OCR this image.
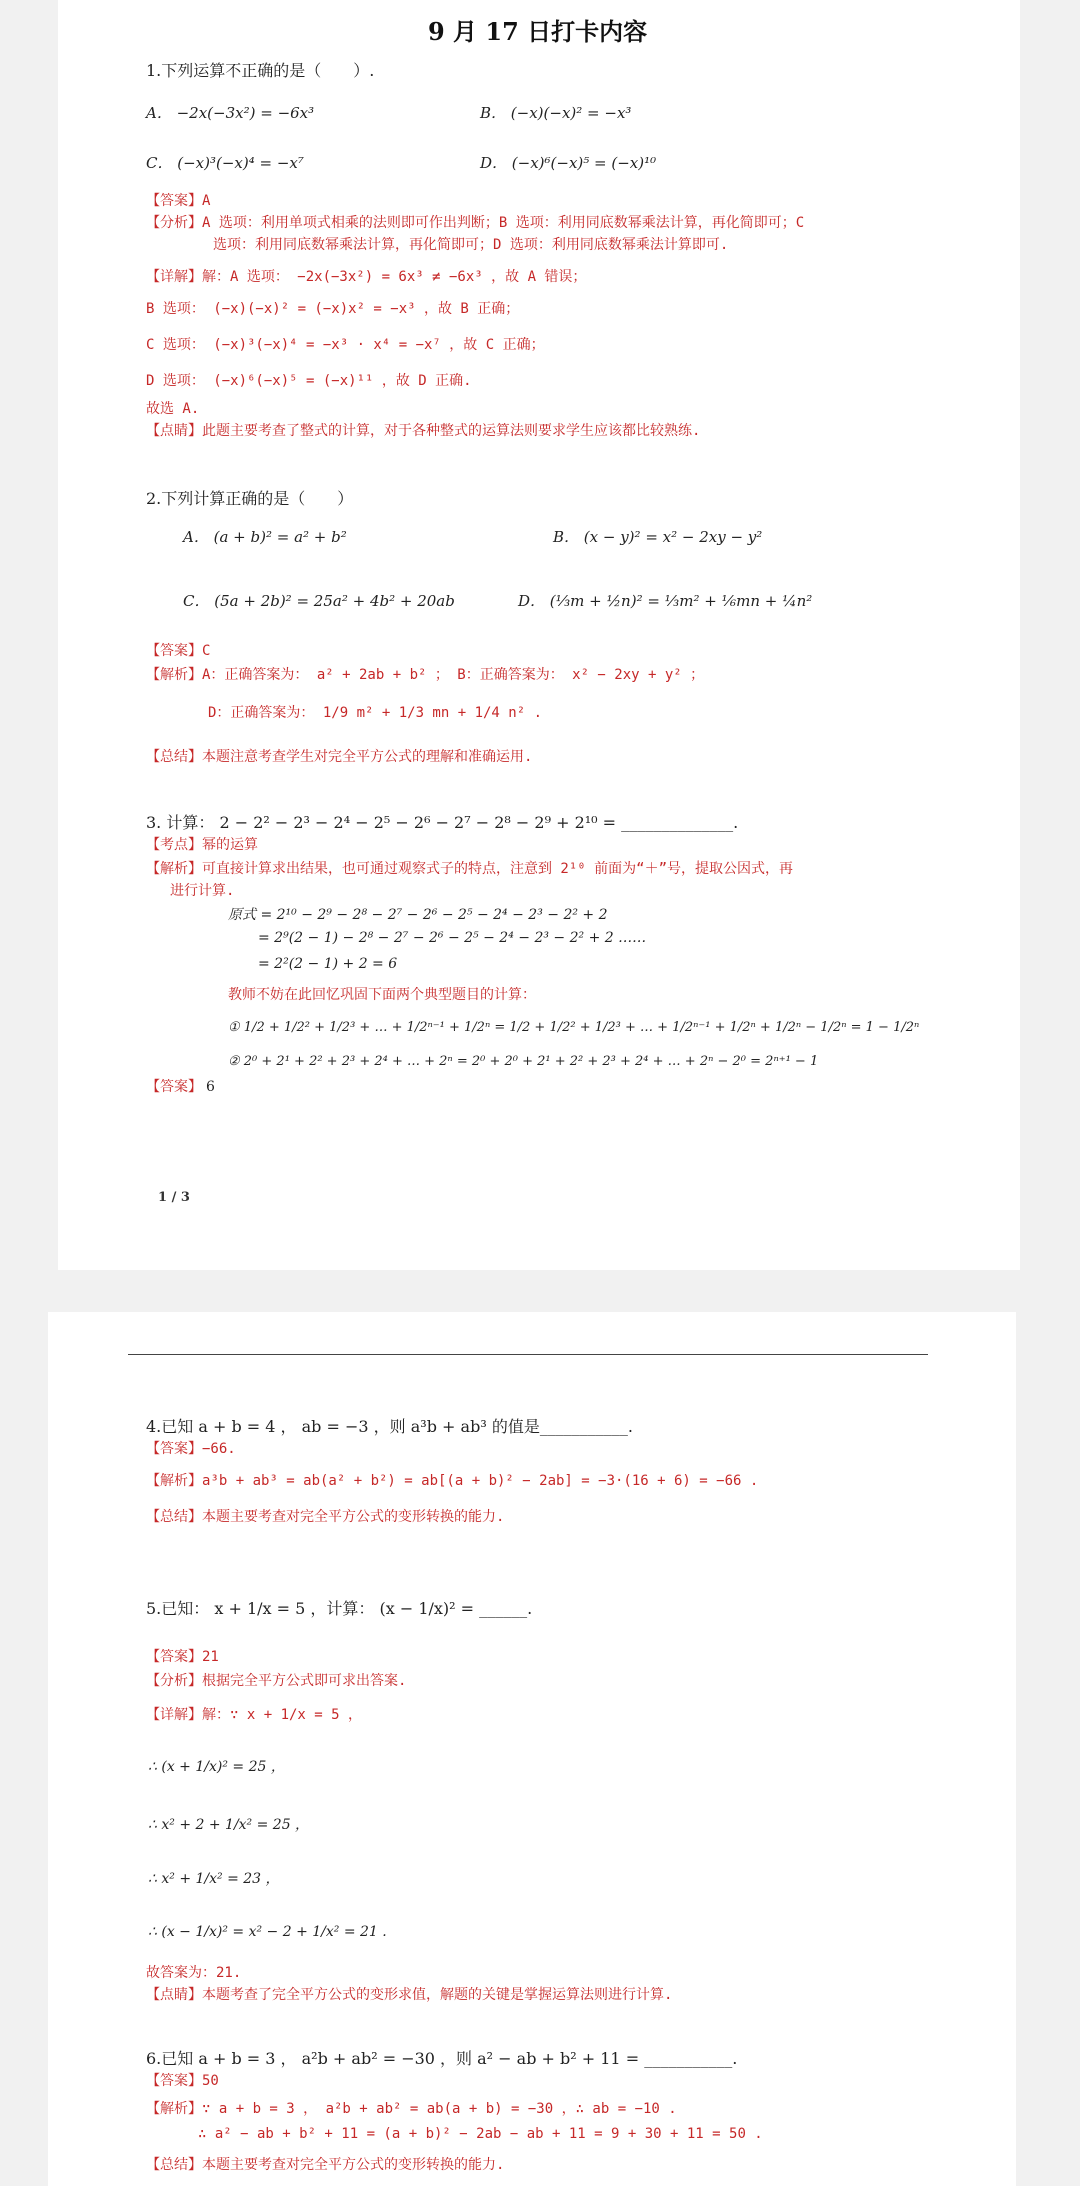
9 月 17 日打卡内容
1.下列运算不正确的是（　　）.
A． −2x(−3x²) = −6x³	B． (−x)(−x)² = −x³
C． (−x)³(−x)⁴ = −x⁷	D． (−x)⁶(−x)⁵ = (−x)¹⁰
【答案】A
【分析】A 选项：利用单项式相乘的法则即可作出判断；B 选项：利用同底数幂乘法计算，再化简即可；C
选项：利用同底数幂乘法计算，再化简即可；D 选项：利用同底数幂乘法计算即可.
【详解】解：A 选项： −2x(−3x²) = 6x³ ≠ −6x³ ，故 A 错误；
B 选项： (−x)(−x)² = (−x)x² = −x³ ，故 B 正确；
C 选项： (−x)³(−x)⁴ = −x³ · x⁴ = −x⁷ ，故 C 正确；
D 选项： (−x)⁶(−x)⁵ = (−x)¹¹ ，故 D 正确.
故选 A.
【点睛】此题主要考查了整式的计算，对于各种整式的运算法则要求学生应该都比较熟练.
2.下列计算正确的是（　　）
A． (a + b)² = a² + b²	B． (x − y)² = x² − 2xy − y²
C． (5a + 2b)² = 25a² + 4b² + 20ab	D． (⅓m + ½n)² = ⅓m² + ⅙mn + ¼n²
【答案】C
【解析】A：正确答案为： a² + 2ab + b² ； B：正确答案为： x² − 2xy + y² ；
D：正确答案为： 1/9 m² + 1/3 mn + 1/4 n² .
【总结】本题注意考查学生对完全平方公式的理解和准确运用.
3. 计算： 2 − 2² − 2³ − 2⁴ − 2⁵ − 2⁶ − 2⁷ − 2⁸ − 2⁹ + 2¹⁰ = ______________.
【考点】幂的运算
【解析】可直接计算求出结果，也可通过观察式子的特点，注意到 2¹⁰ 前面为“＋”号，提取公因式，再
进行计算.
原式 = 2¹⁰ − 2⁹ − 2⁸ − 2⁷ − 2⁶ − 2⁵ − 2⁴ − 2³ − 2² + 2
= 2⁹(2 − 1) − 2⁸ − 2⁷ − 2⁶ − 2⁵ − 2⁴ − 2³ − 2² + 2 ……
= 2²(2 − 1) + 2 = 6
教师不妨在此回忆巩固下面两个典型题目的计算：
① 1/2 + 1/2² + 1/2³ + … + 1/2ⁿ⁻¹ + 1/2ⁿ = 1/2 + 1/2² + 1/2³ + … + 1/2ⁿ⁻¹ + 1/2ⁿ + 1/2ⁿ − 1/2ⁿ = 1 − 1/2ⁿ
② 2⁰ + 2¹ + 2² + 2³ + 2⁴ + … + 2ⁿ = 2⁰ + 2⁰ + 2¹ + 2² + 2³ + 2⁴ + … + 2ⁿ − 2⁰ = 2ⁿ⁺¹ − 1
【答案】 6
1 / 3
4.已知 a + b = 4 ， ab = −3 ，则 a³b + ab³ 的值是___________.
【答案】−66.
【解析】a³b + ab³ = ab(a² + b²) = ab[(a + b)² − 2ab] = −3·(16 + 6) = −66 .
【总结】本题主要考查对完全平方公式的变形转换的能力.
5.已知： x + 1/x = 5 ，计算： (x − 1/x)² = ______.
【答案】21
【分析】根据完全平方公式即可求出答案.
【详解】解：∵ x + 1/x = 5 ，
∴ (x + 1/x)² = 25 ，
∴ x² + 2 + 1/x² = 25 ，
∴ x² + 1/x² = 23 ，
∴ (x − 1/x)² = x² − 2 + 1/x² = 21 .
故答案为：21.
【点睛】本题考查了完全平方公式的变形求值，解题的关键是掌握运算法则进行计算.
6.已知 a + b = 3 ， a²b + ab² = −30 ，则 a² − ab + b² + 11 = ___________.
【答案】50
【解析】∵ a + b = 3 ， a²b + ab² = ab(a + b) = −30 ，∴ ab = −10 .
∴ a² − ab + b² + 11 = (a + b)² − 2ab − ab + 11 = 9 + 30 + 11 = 50 .
【总结】本题主要考查对完全平方公式的变形转换的能力.
